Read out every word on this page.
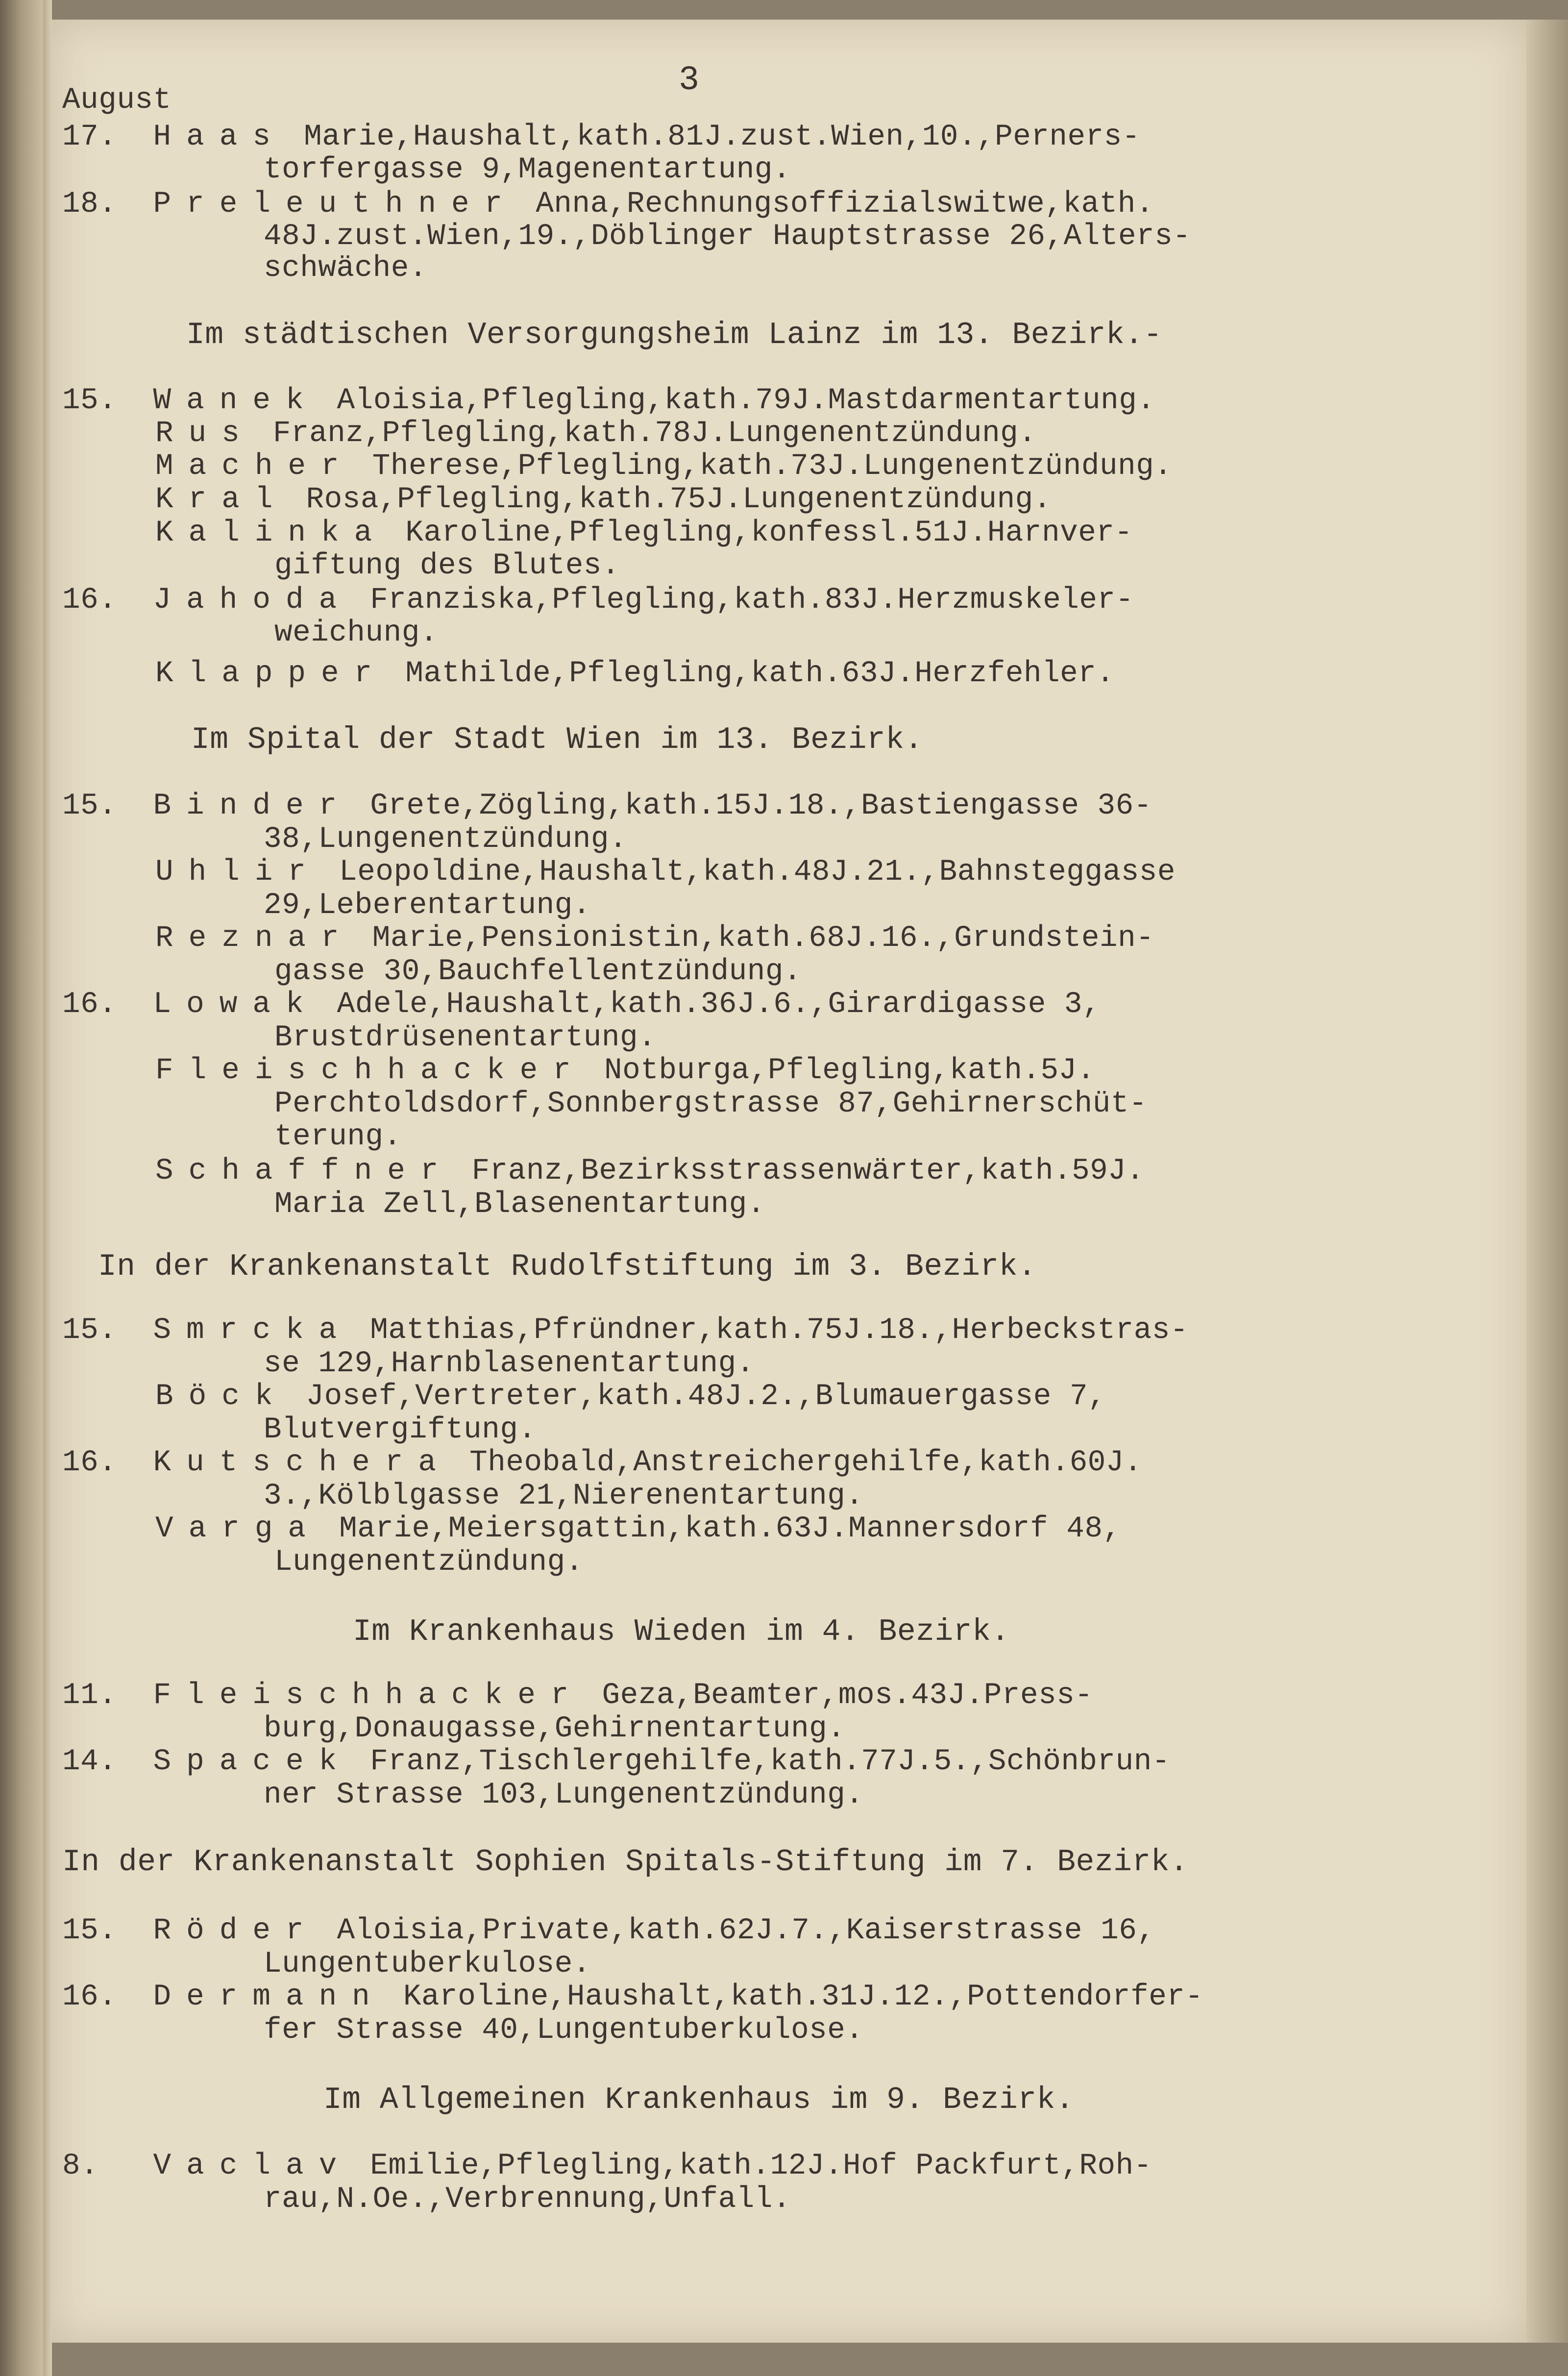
3
August
17. Haas Marie,Haushalt,kath.81J.zust.Wien,10.,Perners-
torfergasse 9,Magenentartung.
18. Preleuthner Anna,Rechnungsoffizialswitwe,kath.
48J.zust.Wien,19.,Döblinger Hauptstrasse 26,Alters-
schwäche.
Im städtischen Versorgungsheim Lainz im 13. Bezirk.-
15. Wanek Aloisia,Pflegling,kath.79J.Mastdarmentartung.
Rus Franz,Pflegling,kath.78J.Lungenentzündung.
Macher Therese,Pflegling,kath.73J.Lungenentzündung.
Kral Rosa,Pflegling,kath.75J.Lungenentzündung.
Kalinka Karoline,Pflegling,konfessl.51J.Harnver-
giftung des Blutes.
16. Jahoda Franziska,Pflegling,kath.83J.Herzmuskeler-
weichung.
Klapper Mathilde,Pflegling,kath.63J.Herzfehler.
Im Spital der Stadt Wien im 13. Bezirk.
15. Binder Grete,Zögling,kath.15J.18.,Bastiengasse 36-
38,Lungenentzündung.
Uhlir Leopoldine,Haushalt,kath.48J.21.,Bahnsteggasse
29,Leberentartung.
Reznar Marie,Pensionistin,kath.68J.16.,Grundstein-
gasse 30,Bauchfellentzündung.
16. Lowak Adele,Haushalt,kath.36J.6.,Girardigasse 3,
Brustdrüsenentartung.
Fleischhacker Notburga,Pflegling,kath.5J.
Perchtoldsdorf,Sonnbergstrasse 87,Gehirnerschüt-
terung.
Schaffner Franz,Bezirksstrassenwärter,kath.59J.
Maria Zell,Blasenentartung.
In der Krankenanstalt Rudolfstiftung im 3. Bezirk.
15. Smrcka Matthias,Pfründner,kath.75J.18.,Herbeckstras-
se 129,Harnblasenentartung.
Böck Josef,Vertreter,kath.48J.2.,Blumauergasse 7,
Blutvergiftung.
16. Kutschera Theobald,Anstreichergehilfe,kath.60J.
3.,Kölblgasse 21,Nierenentartung.
Varga Marie,Meiersgattin,kath.63J.Mannersdorf 48,
Lungenentzündung.
Im Krankenhaus Wieden im 4. Bezirk.
11. Fleischhacker Geza,Beamter,mos.43J.Press-
burg,Donaugasse,Gehirnentartung.
14. Spacek Franz,Tischlergehilfe,kath.77J.5.,Schönbrun-
ner Strasse 103,Lungenentzündung.
In der Krankenanstalt Sophien Spitals-Stiftung im 7. Bezirk.
15. Röder Aloisia,Private,kath.62J.7.,Kaiserstrasse 16,
Lungentuberkulose.
16. Dermann Karoline,Haushalt,kath.31J.12.,Pottendorfer-
fer Strasse 40,Lungentuberkulose.
Im Allgemeinen Krankenhaus im 9. Bezirk.
8. Vaclav Emilie,Pflegling,kath.12J.Hof Packfurt,Roh-
rau,N.Oe.,Verbrennung,Unfall.
